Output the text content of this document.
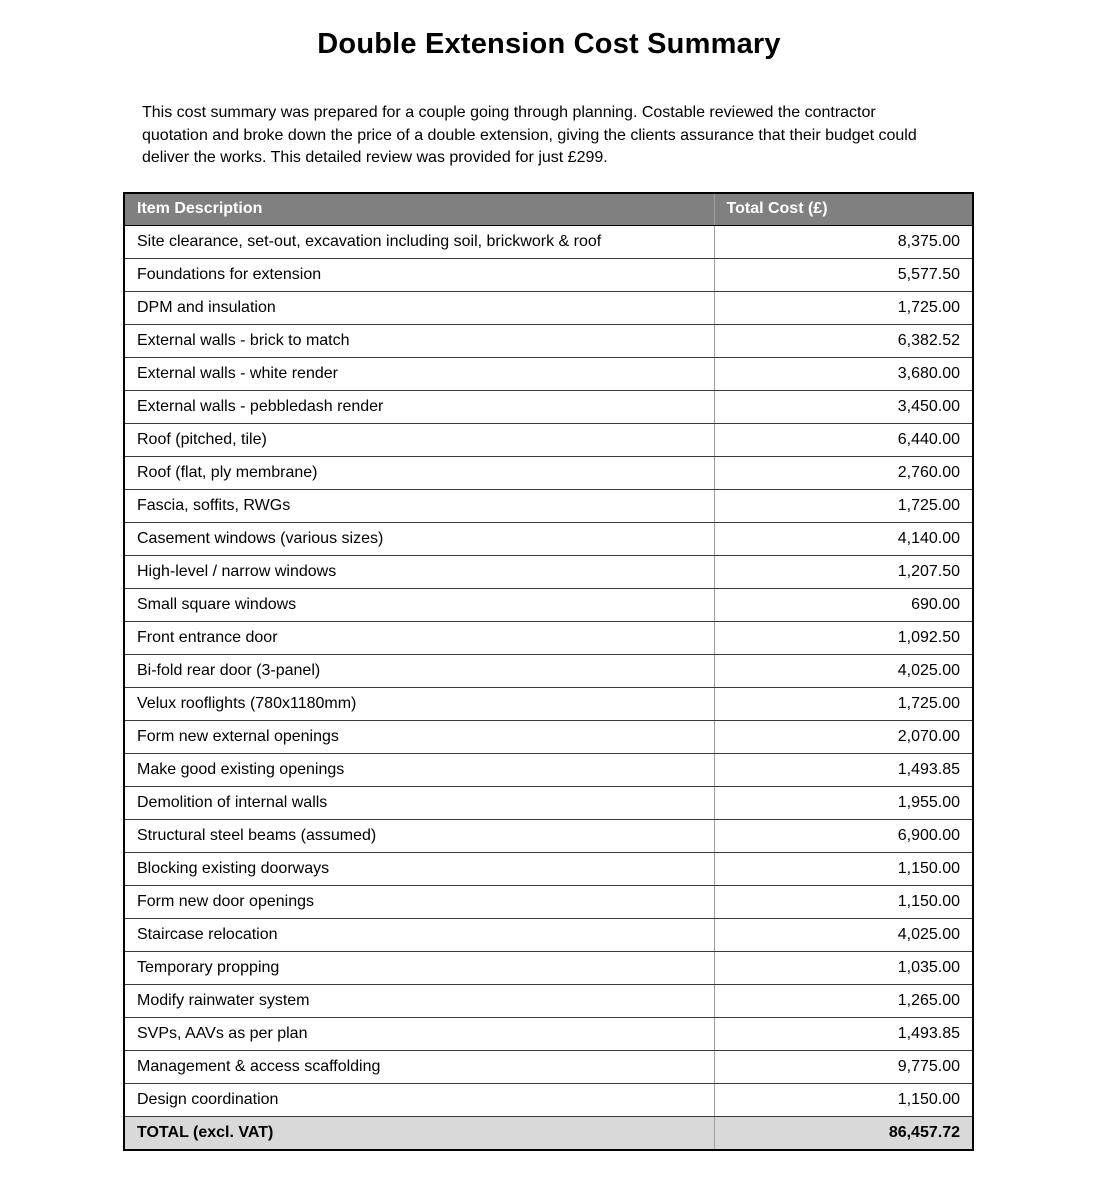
Double Extension Cost Summary

This cost summary was prepared for a couple going through planning. Costable reviewed the contractor quotation and broke down the price of a double extension, giving the clients assurance that their budget could deliver the works. This detailed review was provided for just £299.

Item Description	Total Cost (£)
Site clearance, set-out, excavation including soil, brickwork & roof	8,375.00
Foundations for extension	5,577.50
DPM and insulation	1,725.00
External walls - brick to match	6,382.52
External walls - white render	3,680.00
External walls - pebbledash render	3,450.00
Roof (pitched, tile)	6,440.00
Roof (flat, ply membrane)	2,760.00
Fascia, soffits, RWGs	1,725.00
Casement windows (various sizes)	4,140.00
High-level / narrow windows	1,207.50
Small square windows	690.00
Front entrance door	1,092.50
Bi-fold rear door (3-panel)	4,025.00
Velux rooflights (780x1180mm)	1,725.00
Form new external openings	2,070.00
Make good existing openings	1,493.85
Demolition of internal walls	1,955.00
Structural steel beams (assumed)	6,900.00
Blocking existing doorways	1,150.00
Form new door openings	1,150.00
Staircase relocation	4,025.00
Temporary propping	1,035.00
Modify rainwater system	1,265.00
SVPs, AAVs as per plan	1,493.85
Management & access scaffolding	9,775.00
Design coordination	1,150.00
TOTAL (excl. VAT)	86,457.72
